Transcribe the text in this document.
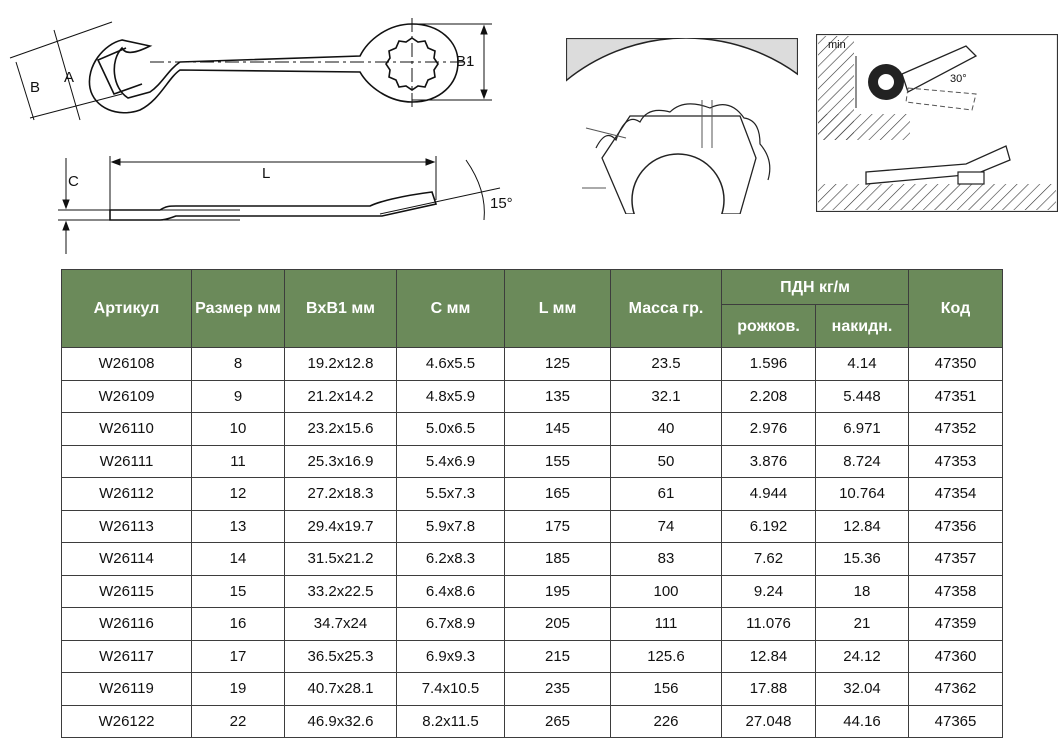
B
A
B1
C	L
15°
min
30°
Артикул	Размер мм	BxB1 мм	C мм	L мм	Масса гр.	ПДН кг/м		Код
						рожков.	накидн.	
W26108	8	19.2x12.8	4.6x5.5	125	23.5	1.596	4.14	47350
W26109	9	21.2x14.2	4.8x5.9	135	32.1	2.208	5.448	47351
W26110	10	23.2x15.6	5.0x6.5	145	40	2.976	6.971	47352
W26111	11	25.3x16.9	5.4x6.9	155	50	3.876	8.724	47353
W26112	12	27.2x18.3	5.5x7.3	165	61	4.944	10.764	47354
W26113	13	29.4x19.7	5.9x7.8	175	74	6.192	12.84	47356
W26114	14	31.5x21.2	6.2x8.3	185	83	7.62	15.36	47357
W26115	15	33.2x22.5	6.4x8.6	195	100	9.24	18	47358
W26116	16	34.7x24	6.7x8.9	205	111	11.076	21	47359
W26117	17	36.5x25.3	6.9x9.3	215	125.6	12.84	24.12	47360
W26119	19	40.7x28.1	7.4x10.5	235	156	17.88	32.04	47362
W26122	22	46.9x32.6	8.2x11.5	265	226	27.048	44.16	47365
